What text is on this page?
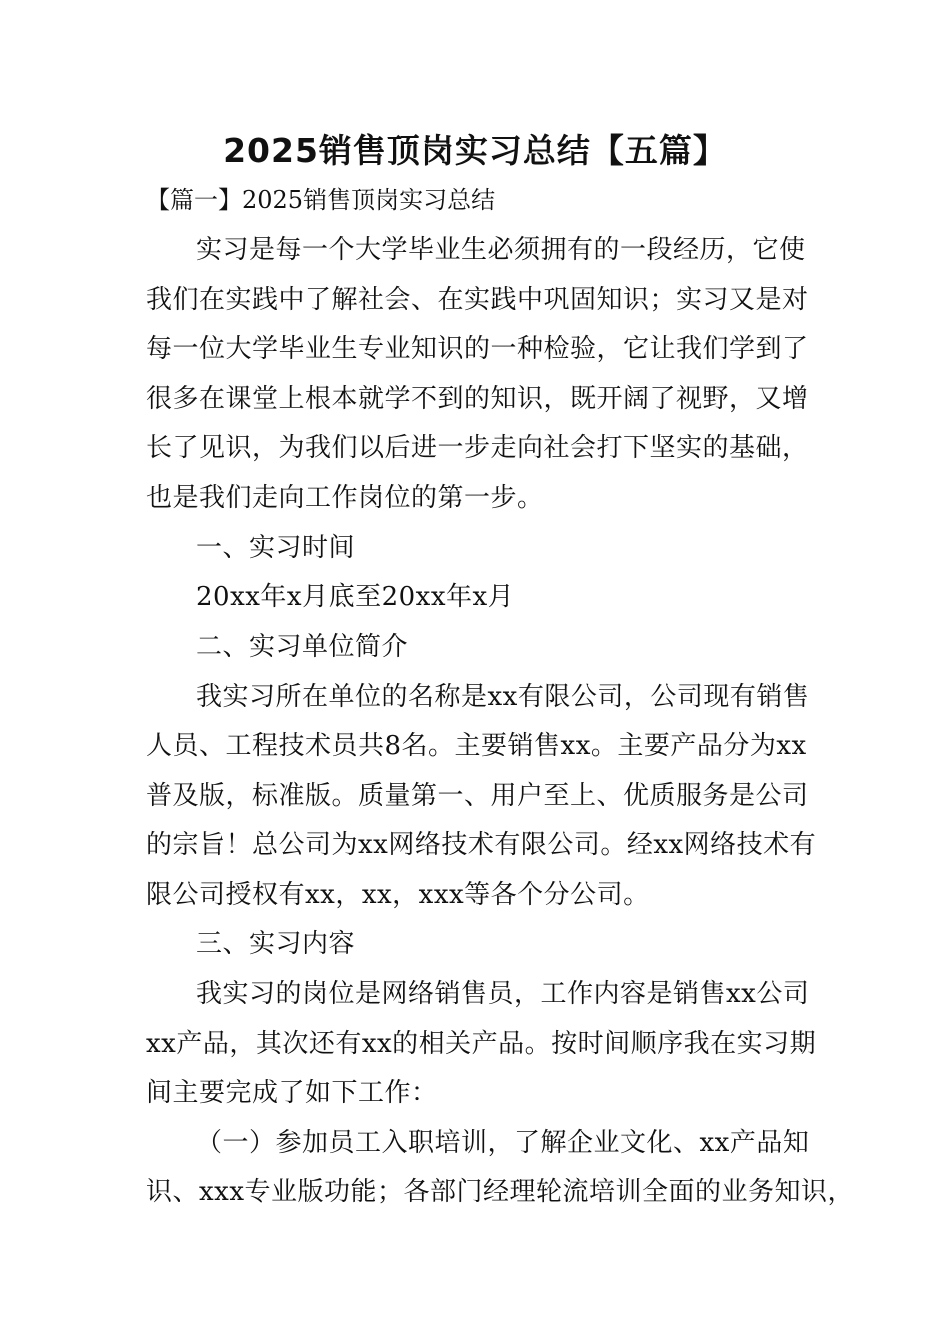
2025销售顶岗实习总结【五篇】
【篇一】2025销售顶岗实习总结
实习是每一个大学毕业生必须拥有的一段经历，它使
我们在实践中了解社会、在实践中巩固知识；实习又是对
每一位大学毕业生专业知识的一种检验，它让我们学到了
很多在课堂上根本就学不到的知识，既开阔了视野，又增
长了见识，为我们以后进一步走向社会打下坚实的基础，
也是我们走向工作岗位的第一步。
一、实习时间
20xx年x月底至20xx年x月
二、实习单位简介
我实习所在单位的名称是xx有限公司，公司现有销售
人员、工程技术员共8名。主要销售xx。主要产品分为xx
普及版，标准版。质量第一、用户至上、优质服务是公司
的宗旨！总公司为xx网络技术有限公司。经xx网络技术有
限公司授权有xx，xx，xxx等各个分公司。
三、实习内容
我实习的岗位是网络销售员，工作内容是销售xx公司
xx产品，其次还有xx的相关产品。按时间顺序我在实习期
间主要完成了如下工作：
（一）参加员工入职培训，了解企业文化、xx产品知
识、xxx专业版功能；各部门经理轮流培训全面的业务知识，
